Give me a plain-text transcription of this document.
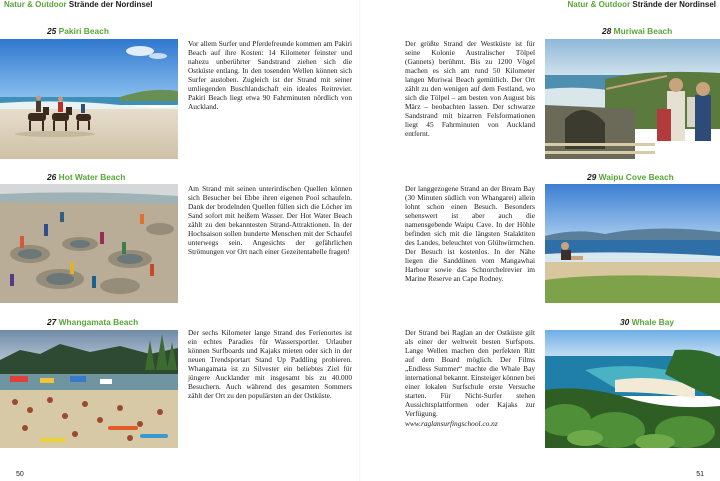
Natur & Outdoor Strände der Nordinsel	Natur & Outdoor Strände der Nordinsel
25 Pakiri Beach
Vor allem Surfer und Pferdefreunde kommen am Pakiri Beach auf ihre Kosten: 14 Kilometer feinster und nahezu unberührter Sandstrand ziehen sich die Ostküste entlang. In den tosenden Wellen können sich Surfer austoben. Zugleich ist der Strand mit seiner umliegenden Buschlandschaft ein ideales Reitrevier. Pakiri Beach liegt etwa 90 Fahrminuten nördlich von Auckland.
26 Hot Water Beach
Am Strand mit seinen unterirdischen Quellen können sich Besucher bei Ebbe ihren eigenen Pool schaufeln. Dank der brodelnden Quellen füllen sich die Löcher im Sand sofort mit heißem Wasser. Der Hot Water Beach zählt zu den bekanntesten Strand-Attraktionen. In der Hochsaison sollen hunderte Menschen mit der Schaufel unterwegs sein. Angesichts der gefährlichen Strömungen vor Ort nach einer Gezeitentabelle fragen!
27 Whangamata Beach
Der sechs Kilometer lange Strand des Ferienortes ist ein echtes Paradies für Wassersportler. Urlauber können Surfboards und Kajaks mieten oder sich in der neuen Trendsportart Stand Up Paddling probieren. Whangamata ist zu Silvester ein beliebtes Ziel für jüngere Aucklander mit insgesamt bis zu 40.000 Besuchern. Auch während des gesamten Sommers zählt der Ort zu den populärsten an der Ostküste.
28 Muriwai Beach
Der größte Strand der Westküste ist für seine Kolonie Australischer Tölpel (Gannets) berühmt. Bis zu 1200 Vögel machen es sich am rund 50 Kilometer langen Muriwai Beach gemütlich. Der Ort zählt zu den wenigen auf dem Festland, wo sich die Tölpel – am besten von August bis März – beobachten lassen. Der schwarze Sandstrand mit bizarren Felsformationen liegt 45 Fahrminuten von Auckland entfernt.
29 Waipu Cove Beach
Der langgezogene Strand an der Bream Bay (30 Minuten südlich von Whangarei) allein lohnt schon einen Besuch. Besonders sehenswert ist aber auch die namensgebende Waipu Cave. In der Höhle befinden sich mit die längsten Stalaktiten des Landes, beleuchtet von Glühwürmchen. Der Besuch ist kostenlos. In der Nähe liegen die Sanddünen vom Mangawhai Harbour sowie das Schnorchelrevier im Marine Reserve an Cape Rodney.
30 Whale Bay
Der Strand bei Raglan an der Ostküste gilt als einer der weltweit besten Surfspots. Lange Wellen machen den perfekten Ritt auf dem Board möglich. Der Films „Endless Summer“ machte die Whale Bay international bekannt. Einsteiger können bei einer lokalen Surfschule erste Versuche starten. Für Nicht-Surfer stehen Aussichtsplattformen oder Kajaks zur Verfügung.
www.raglansurfingschool.co.nz
50	51
